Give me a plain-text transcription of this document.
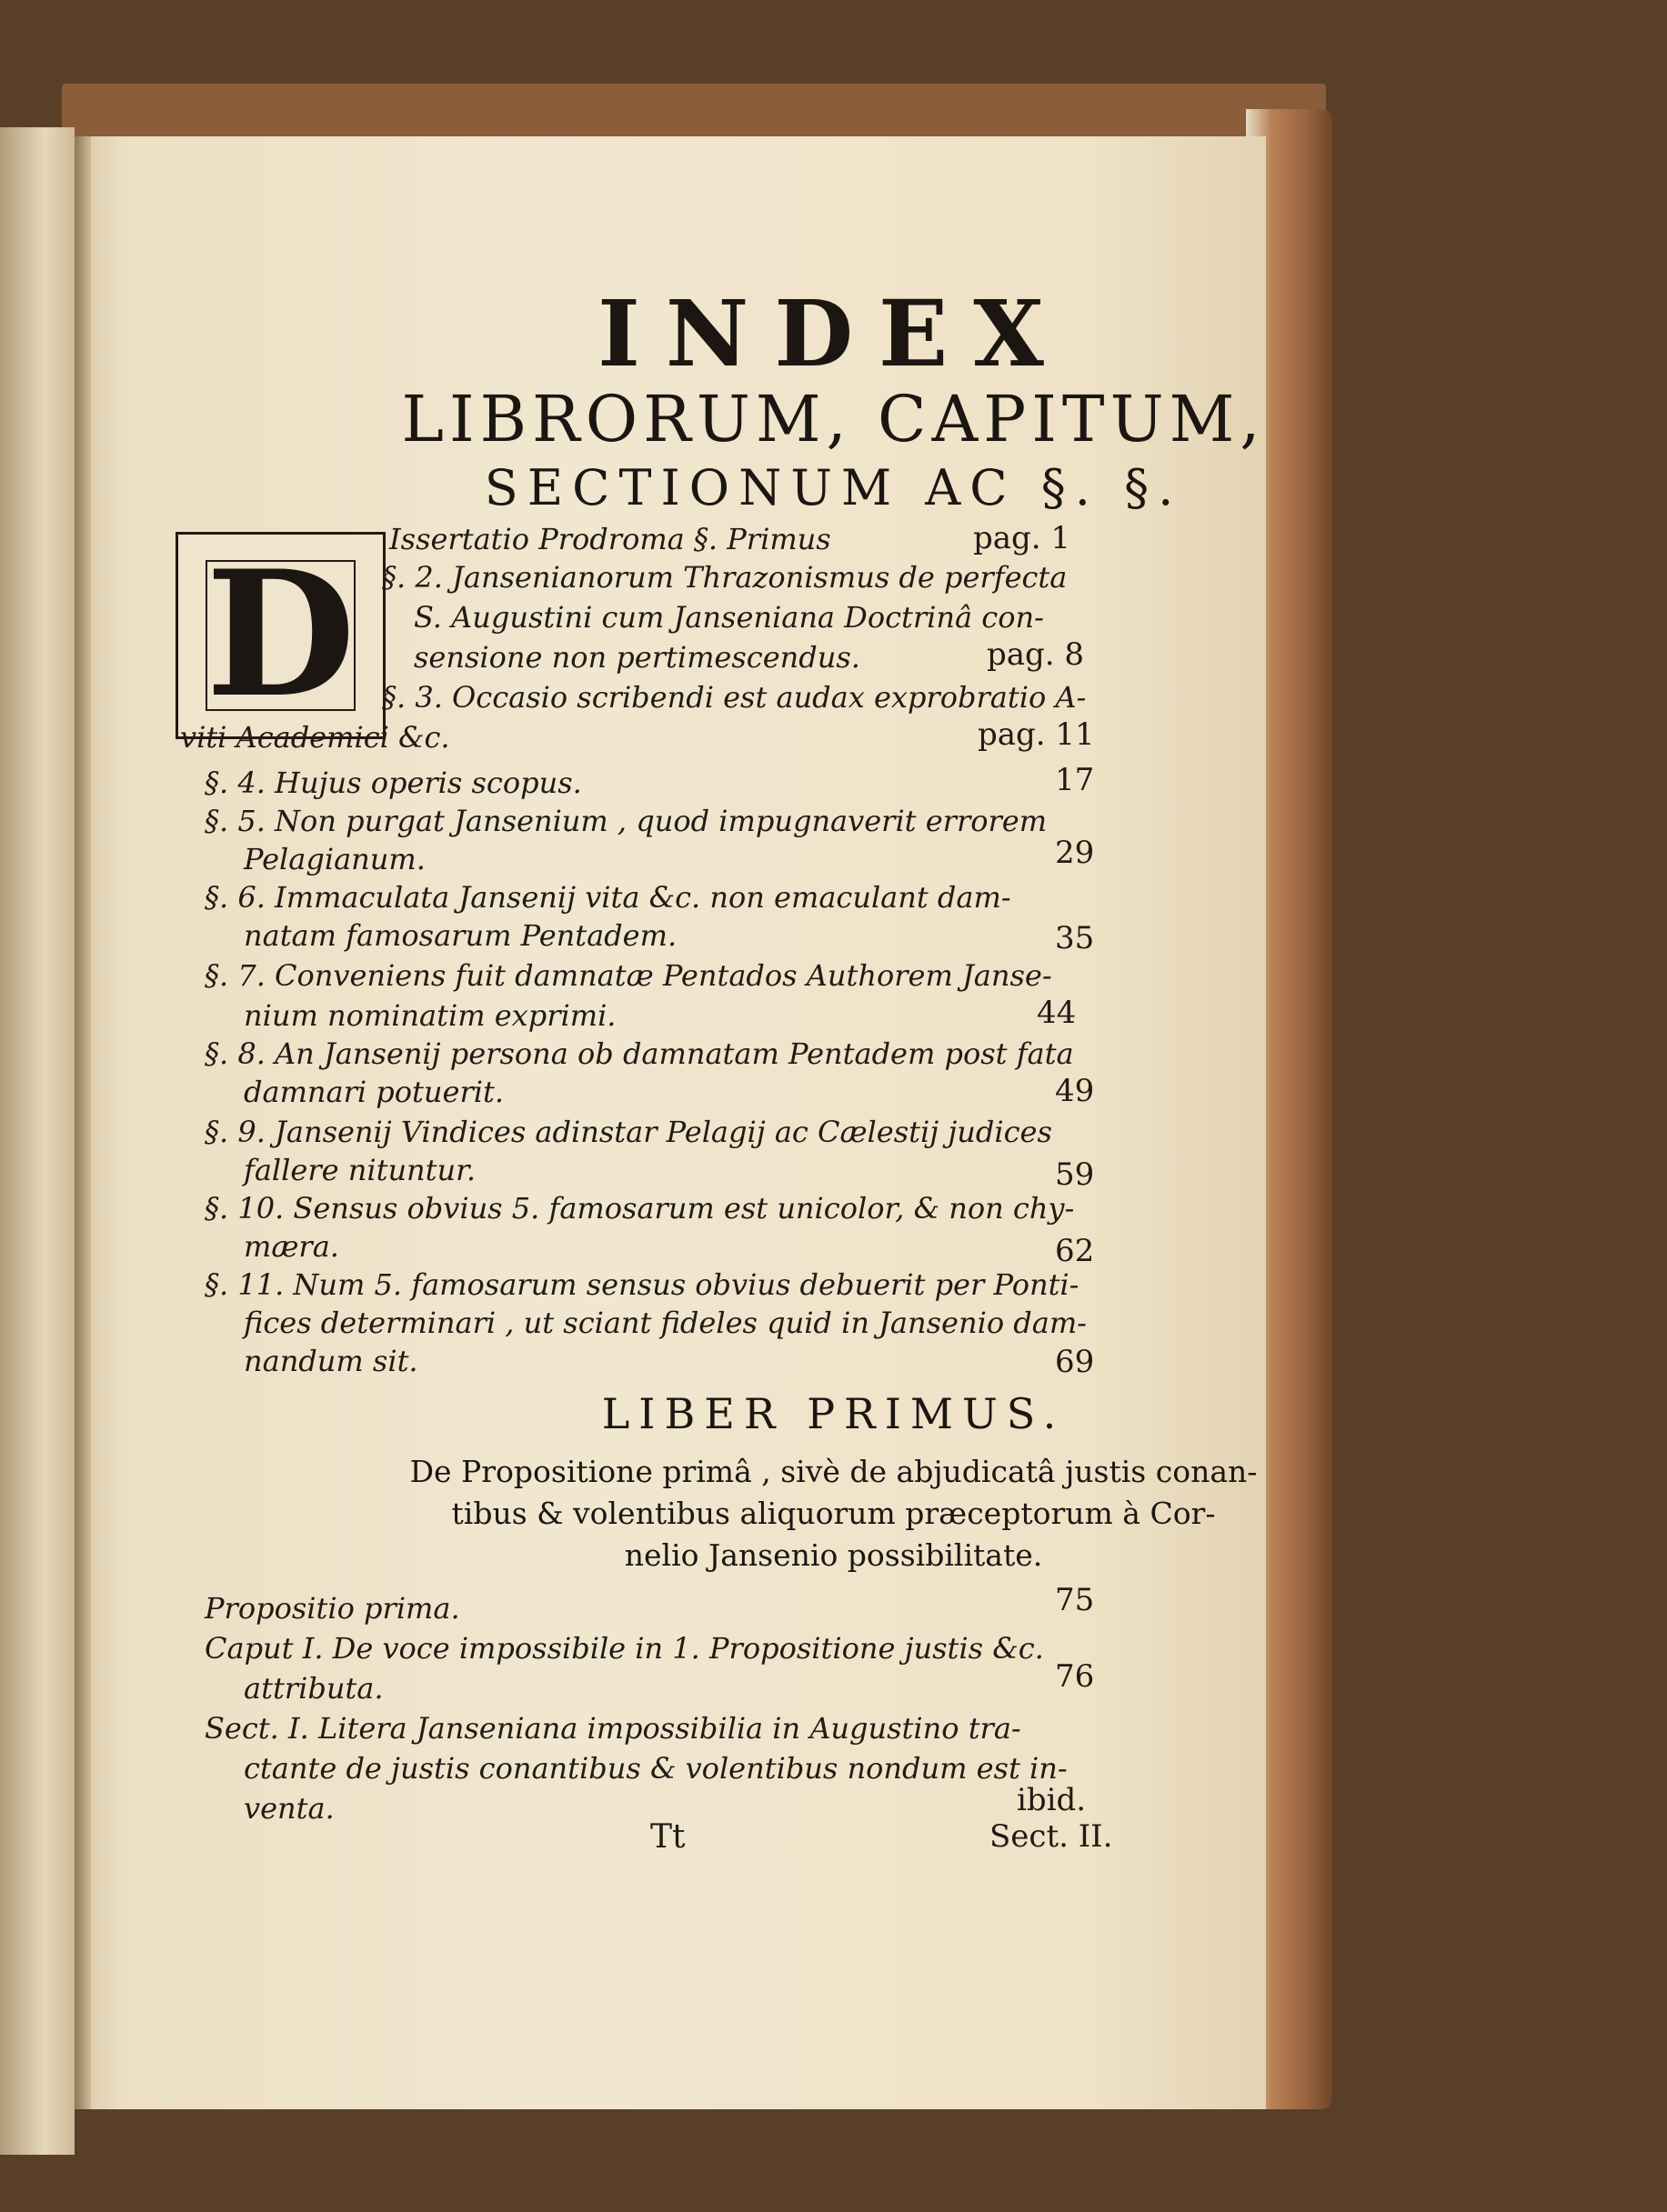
INDEX
LIBRORUM, CAPITUM,
SECTIONUM AC §. §.
D	Issertatio Prodroma §. Primus	pag. 1
§. 2. Jansenianorum Thrazonismus de perfecta
S. Augustini cum Janseniana Doctrinâ con-
sensione non pertimescendus.	pag. 8
§. 3. Occasio scribendi est audax exprobratio A-
viti Academici &c.	pag. 11
§. 4. Hujus operis scopus.	17
§. 5. Non purgat Jansenium , quod impugnaverit errorem
Pelagianum.	29
§. 6. Immaculata Jansenij vita &c. non emaculant dam-
natam famosarum Pentadem.	35
§. 7. Conveniens fuit damnatæ Pentados Authorem Janse-
nium nominatim exprimi.	44
§. 8. An Jansenij persona ob damnatam Pentadem post fata
damnari potuerit.	49
§. 9. Jansenij Vindices adinstar Pelagij ac Cælestij judices
fallere nituntur.	59
§. 10. Sensus obvius 5. famosarum est unicolor, & non chy-
mæra.	62
§. 11. Num 5. famosarum sensus obvius debuerit per Ponti-
fices determinari , ut sciant fideles quid in Jansenio dam-
nandum sit.	69
LIBER PRIMUS.
De Propositione primâ , sivè de abjudicatâ justis conan-
tibus & volentibus aliquorum præceptorum à Cor-
nelio Jansenio possibilitate.
Propositio prima.	75
Caput I. De voce impossibile in 1. Propositione justis &c.
attributa.	76
Sect. I. Litera Janseniana impossibilia in Augustino tra-
ctante de justis conantibus & volentibus nondum est in-
venta.	ibid.
Tt	Sect. II.
